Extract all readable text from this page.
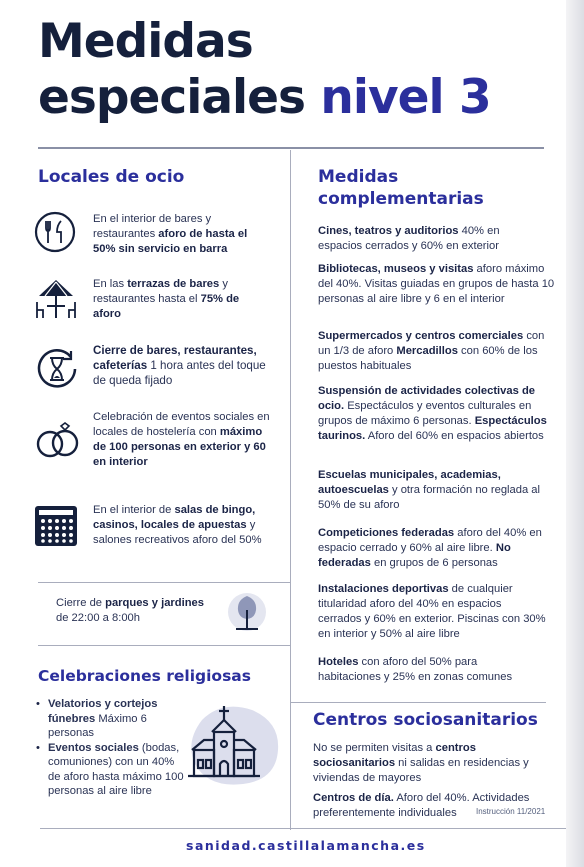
Medidas
especiales nivel 3
Locales de ocio
En el interior de bares y restaurantes aforo de hasta el 50% sin servicio en barra
En las terrazas de bares y restaurantes hasta el 75% de aforo
Cierre de bares, restaurantes, cafeterías 1 hora antes del toque de queda fijado
Celebración de eventos sociales en locales de hostelería con máximo de 100 personas en exterior y 60 en interior
En el interior de salas de bingo, casinos, locales de apuestas y salones recreativos aforo del 50%
Cierre de parques y jardines de 22:00 a 8:00h
Celebraciones religiosas
• Velatorios y cortejos fúnebres Máximo 6 personas
• Eventos sociales (bodas, comuniones) con un 40% de aforo hasta máximo 100 personas al aire libre
Medidas
complementarias
Cines, teatros y auditorios 40% en espacios cerrados y 60% en exterior
Bibliotecas, museos y visitas aforo máximo del 40%. Visitas guiadas en grupos de hasta 10 personas al aire libre y 6 en el interior
Supermercados y centros comerciales con un 1/3 de aforo Mercadillos con 60% de los puestos habituales
Suspensión de actividades colectivas de ocio. Espectáculos y eventos culturales en grupos de máximo 6 personas. Espectáculos taurinos. Aforo del 60% en espacios abiertos
Escuelas municipales, academias, autoescuelas y otra formación no reglada al 50% de su aforo
Competiciones federadas aforo del 40% en espacio cerrado y 60% al aire libre. No federadas en grupos de 6 personas
Instalaciones deportivas de cualquier titularidad aforo del 40% en espacios cerrados y 60% en exterior. Piscinas con 30% en interior y 50% al aire libre
Hoteles con aforo del 50% para habitaciones y 25% en zonas comunes
Centros sociosanitarios
No se permiten visitas a centros sociosanitarios ni salidas en residencias y viviendas de mayores
Centros de día. Aforo del 40%. Actividades preferentemente individuales	Instrucción 11/2021
sanidad.castillalamancha.es
